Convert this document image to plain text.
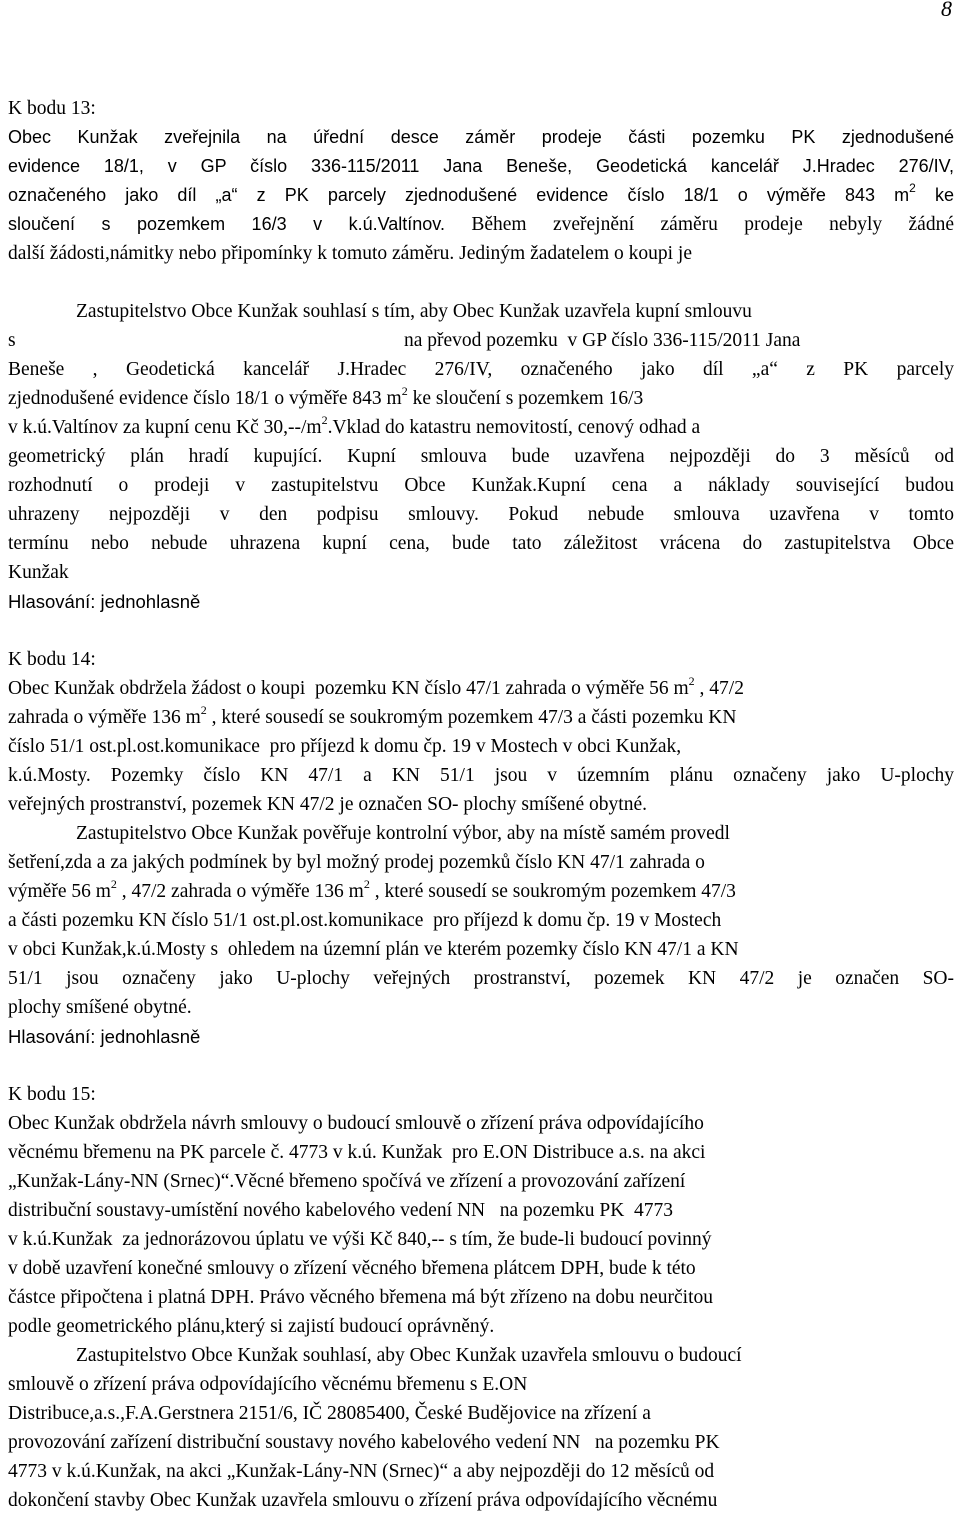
8
K bodu 13:
Obec Kunžak zveřejnila na úřední desce záměr prodeje části pozemku PK zjednodušené
evidence 18/1, v GP číslo 336-115/2011 Jana Beneše, Geodetická kancelář J.Hradec 276/IV,
označeného jako díl „a“ z PK parcely zjednodušené evidence číslo 18/1 o výměře 843 $m^2$ ke
sloučení s pozemkem 16/3 v k.ú.Valtínov. Během zveřejnění záměru prodeje nebyly žádné
další žádosti,námitky nebo připomínky k tomuto záměru. Jediným žadatelem o koupi je
Zastupitelstvo Obce Kunžak souhlasí s tím, aby Obec Kunžak uzavřela kupní smlouvu
s	na převod pozemku  v GP číslo 336-115/2011 Jana
Beneše , Geodetická kancelář J.Hradec 276/IV, označeného jako díl „a“ z PK parcely
zjednodušené evidence číslo 18/1 o výměře 843 $m^2$ ke sloučení s pozemkem 16/3
v k.ú.Valtínov za kupní cenu Kč $30,--/m^2.Vklad$ do katastru nemovitostí, cenový odhad a
geometrický plán hradí kupující. Kupní smlouva bude uzavřena nejpozději do 3 měsíců od
rozhodnutí o prodeji v zastupitelstvu Obce Kunžak.Kupní cena a náklady související budou
uhrazeny nejpozději v den podpisu smlouvy. Pokud nebude smlouva uzavřena v tomto
termínu nebo nebude uhrazena kupní cena, bude tato záležitost vrácena do zastupitelstva Obce
Kunžak
Hlasování: jednohlasně
K bodu 14:
Obec Kunžak obdržela žádost o koupi  pozemku KN číslo 47/1 zahrada o výměře 56 $m^2$ , 47/2
zahrada o výměře 136 $m^2$ , které sousedí se soukromým pozemkem 47/3 a části pozemku KN
číslo 51/1 ost.pl.ost.komunikace  pro příjezd k domu čp. 19 v Mostech v obci Kunžak,
k.ú.Mosty. Pozemky číslo KN 47/1 a KN 51/1 jsou v územním plánu označeny jako U-plochy
veřejných prostranství, pozemek KN 47/2 je označen SO- plochy smíšené obytné.
Zastupitelstvo Obce Kunžak pověřuje kontrolní výbor, aby na místě samém provedl
šetření,zda a za jakých podmínek by byl možný prodej pozemků číslo KN 47/1 zahrada o
výměře 56 $m^2$ , 47/2 zahrada o výměře 136 $m^2$ , které sousedí se soukromým pozemkem 47/3
a části pozemku KN číslo 51/1 ost.pl.ost.komunikace  pro příjezd k domu čp. 19 v Mostech
v obci Kunžak,k.ú.Mosty s  ohledem na územní plán ve kterém pozemky číslo KN 47/1 a KN
51/1 jsou označeny jako U-plochy veřejných prostranství, pozemek KN 47/2 je označen SO-
plochy smíšené obytné.
Hlasování: jednohlasně
K bodu 15:
Obec Kunžak obdržela návrh smlouvy o budoucí smlouvě o zřízení práva odpovídajícího
věcnému břemenu na PK parcele č. 4773 v k.ú. Kunžak  pro E.ON Distribuce a.s. na akci
„Kunžak-Lány-NN (Srnec)“.Věcné břemeno spočívá ve zřízení a provozování zařízení
distribuční soustavy-umístění nového kabelového vedení NN   na pozemku PK  4773
v k.ú.Kunžak  za jednorázovou úplatu ve výši Kč 840,-- s tím, že bude-li budoucí povinný
v době uzavření konečné smlouvy o zřízení věcného břemena plátcem DPH, bude k této
částce připočtena i platná DPH. Právo věcného břemena má být zřízeno na dobu neurčitou
podle geometrického plánu,který si zajistí budoucí oprávněný.
Zastupitelstvo Obce Kunžak souhlasí, aby Obec Kunžak uzavřela smlouvu o budoucí
smlouvě o zřízení práva odpovídajícího věcnému břemenu s E.ON
Distribuce,a.s.,F.A.Gerstnera 2151/6, IČ 28085400, České Budějovice na zřízení a
provozování zařízení distribuční soustavy nového kabelového vedení NN   na pozemku PK
4773 v k.ú.Kunžak, na akci „Kunžak-Lány-NN (Srnec)“ a aby nejpozději do 12 měsíců od
dokončení stavby Obec Kunžak uzavřela smlouvu o zřízení práva odpovídajícího věcnému
